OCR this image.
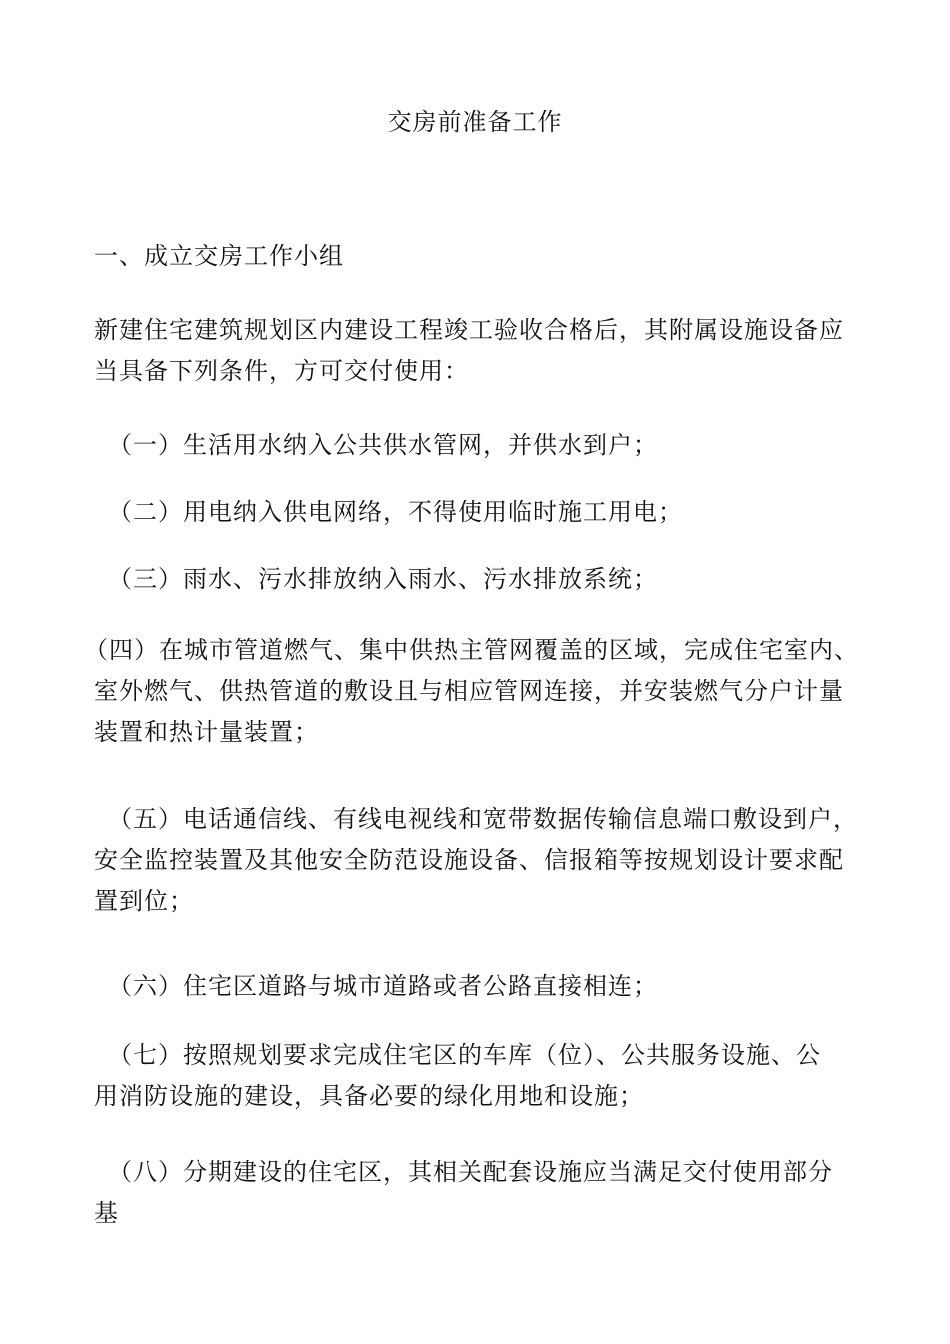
交房前准备工作
一、成立交房工作小组

新建住宅建筑规划区内建设工程竣工验收合格后，其附属设施设备应
当具备下列条件，方可交付使用：

（一）生活用水纳入公共供水管网，并供水到户；

（二）用电纳入供电网络，不得使用临时施工用电；

（三）雨水、污水排放纳入雨水、污水排放系统；

（四）在城市管道燃气、集中供热主管网覆盖的区域，完成住宅室内、
室外燃气、供热管道的敷设且与相应管网连接，并安装燃气分户计量
装置和热计量装置；

（五）电话通信线、有线电视线和宽带数据传输信息端口敷设到户，
安全监控装置及其他安全防范设施设备、信报箱等按规划设计要求配
置到位；

（六）住宅区道路与城市道路或者公路直接相连；

（七）按照规划要求完成住宅区的车库（位）、公共服务设施、公
用消防设施的建设，具备必要的绿化用地和设施；

（八）分期建设的住宅区，其相关配套设施应当满足交付使用部分
基
